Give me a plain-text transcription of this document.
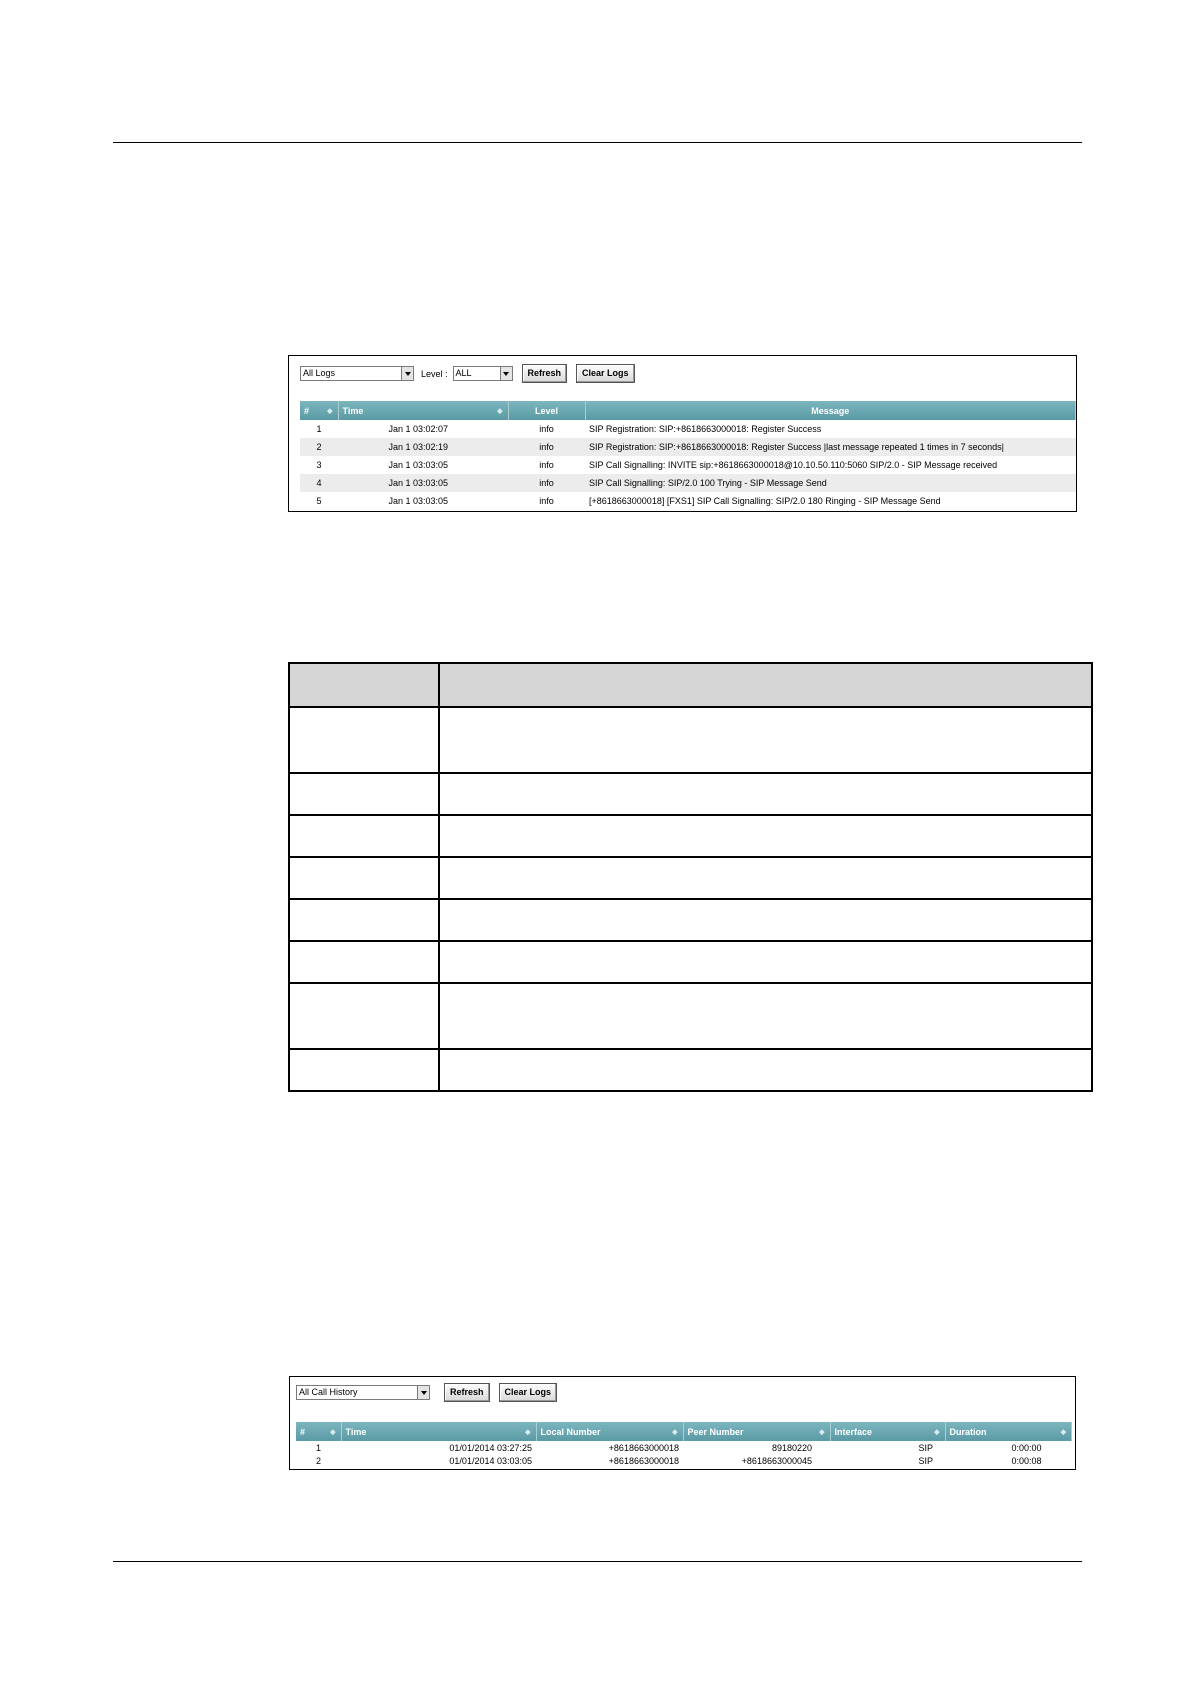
All Logs	Level : ALL	Refresh	Clear Logs
# ◆	Time ◆	Level	Message
1	Jan 1 03:02:07	info	SIP Registration: SIP:+8618663000018: Register Success
2	Jan 1 03:02:19	info	SIP Registration: SIP:+8618663000018: Register Success |last message repeated 1 times in 7 seconds|
3	Jan 1 03:03:05	info	SIP Call Signalling: INVITE sip:+8618663000018@10.10.50.110:5060 SIP/2.0 - SIP Message received
4	Jan 1 03:03:05	info	SIP Call Signalling: SIP/2.0 100 Trying - SIP Message Send
5	Jan 1 03:03:05	info	[+8618663000018] [FXS1] SIP Call Signalling: SIP/2.0 180 Ringing - SIP Message Send

All Call History	Refresh	Clear Logs
# ◆	Time ◆	Local Number ◆	Peer Number ◆	Interface ◆	Duration ◆

1	01/01/2014 03:27:25	+8618663000018	89180220	SIP	0:00:00
2	01/01/2014 03:03:05	+8618663000018	+8618663000045	SIP	0:00:08
